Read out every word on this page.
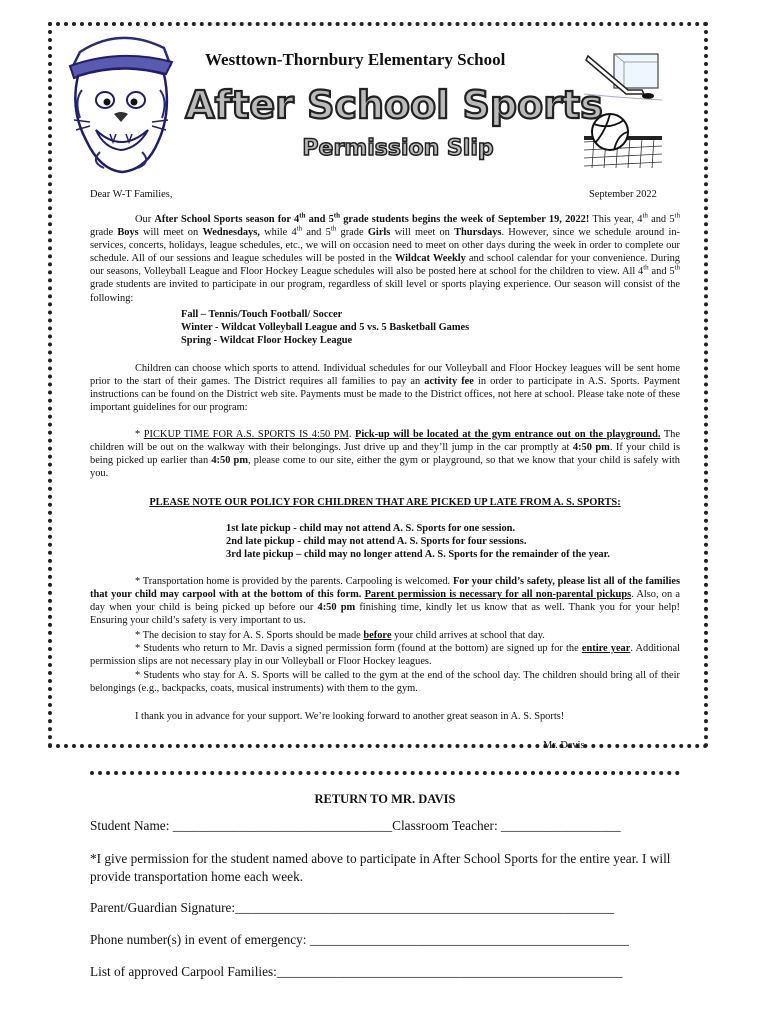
Westtown-Thornbury Elementary School
After School Sports
Permission Slip
Dear W-T Families,	September 2022
Our After School Sports season for 4th and 5th grade students begins the week of September 19, 2022! This year, 4th and 5th grade Boys will meet on Wednesdays, while 4th and 5th grade Girls will meet on Thursdays. However, since we schedule around in-services, concerts, holidays, league schedules, etc., we will on occasion need to meet on other days during the week in order to complete our schedule. All of our sessions and league schedules will be posted in the Wildcat Weekly and school calendar for your convenience. During our seasons, Volleyball League and Floor Hockey League schedules will also be posted here at school for the children to view. All 4th and 5th grade students are invited to participate in our program, regardless of skill level or sports playing experience. Our season will consist of the following:
Fall – Tennis/Touch Football/ Soccer
Winter - Wildcat Volleyball League and 5 vs. 5 Basketball Games
Spring - Wildcat Floor Hockey League
Children can choose which sports to attend. Individual schedules for our Volleyball and Floor Hockey leagues will be sent home prior to the start of their games. The District requires all families to pay an activity fee in order to participate in A.S. Sports. Payment instructions can be found on the District web site. Payments must be made to the District offices, not here at school. Please take note of these important guidelines for our program:
* PICKUP TIME FOR A.S. SPORTS IS 4:50 PM. Pick-up will be located at the gym entrance out on the playground. The children will be out on the walkway with their belongings. Just drive up and they’ll jump in the car promptly at 4:50 pm. If your child is being picked up earlier than 4:50 pm, please come to our site, either the gym or playground, so that we know that your child is safely with you.
PLEASE NOTE OUR POLICY FOR CHILDREN THAT ARE PICKED UP LATE FROM A. S. SPORTS:
1st late pickup - child may not attend A. S. Sports for one session.
2nd late pickup - child may not attend A. S. Sports for four sessions.
3rd late pickup – child may no longer attend A. S. Sports for the remainder of the year.
* Transportation home is provided by the parents. Carpooling is welcomed. For your child’s safety, please list all of the families that your child may carpool with at the bottom of this form. Parent permission is necessary for all non-parental pickups. Also, on a day when your child is being picked up before our 4:50 pm finishing time, kindly let us know that as well. Thank you for your help! Ensuring your child’s safety is very important to us.
* The decision to stay for A. S. Sports should be made before your child arrives at school that day.
* Students who return to Mr. Davis a signed permission form (found at the bottom) are signed up for the entire year. Additional permission slips are not necessary play in our Volleyball or Floor Hockey leagues.
* Students who stay for A. S. Sports will be called to the gym at the end of the school day. The children should bring all of their belongings (e.g., backpacks, coats, musical instruments) with them to the gym.
I thank you in advance for your support. We’re looking forward to another great season in A. S. Sports!
Mr. Davis
RETURN TO MR. DAVIS
Student Name: _________________________________Classroom Teacher: __________________
*I give permission for the student named above to participate in After School Sports for the entire year. I will provide transportation home each week.
Parent/Guardian Signature:_________________________________________________________
Phone number(s) in event of emergency: ________________________________________________
List of approved Carpool Families:____________________________________________________
